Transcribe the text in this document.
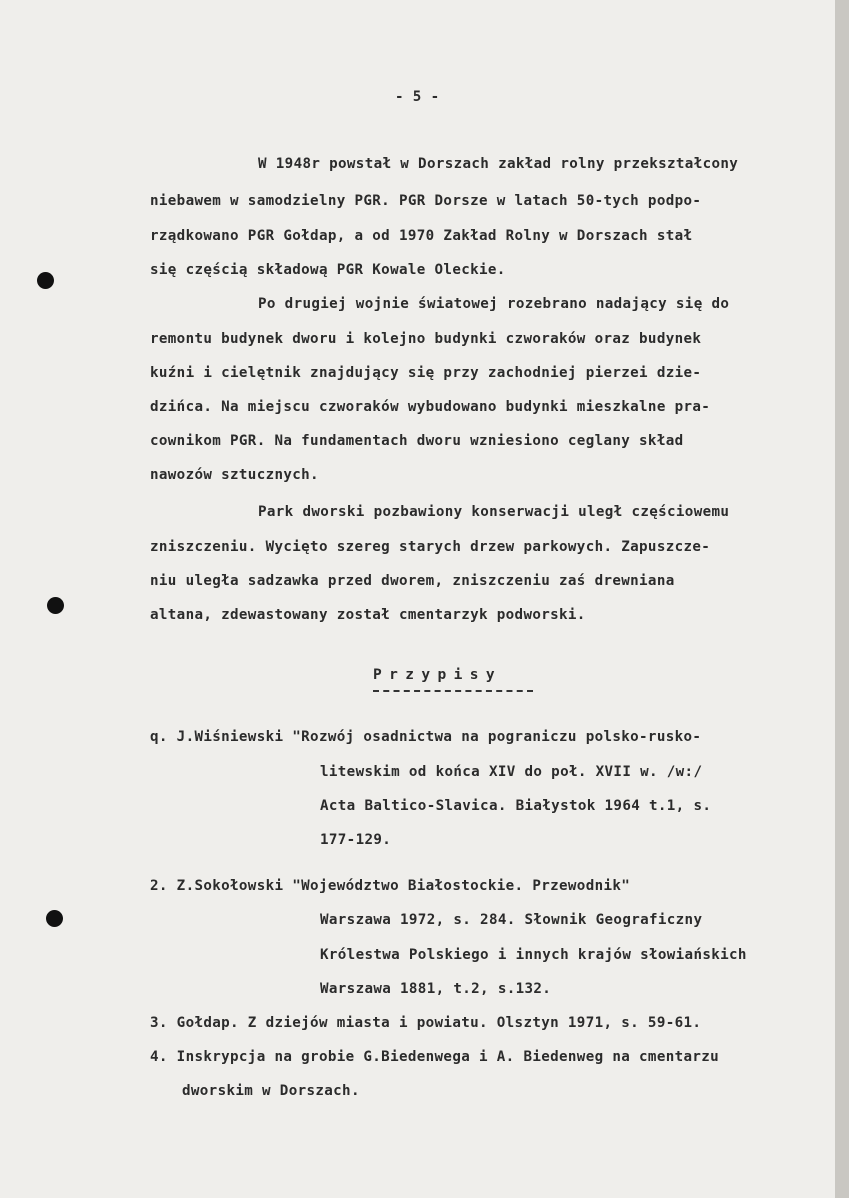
- 5 -
W 1948r powstał w Dorszach zakład rolny przekształcony
niebawem w samodzielny PGR. PGR Dorsze w latach 50-tych podpo-
rządkowano PGR Gołdap, a od 1970 Zakład Rolny w Dorszach stał
się częścią składową PGR Kowale Oleckie.
Po drugiej wojnie światowej rozebrano nadający się do
remontu budynek dworu i kolejno budynki czworaków oraz budynek
kuźni i cielętnik znajdujący się przy zachodniej pierzei dzie-
dzińca. Na miejscu czworaków wybudowano budynki mieszkalne pra-
cownikom PGR. Na fundamentach dworu wzniesiono ceglany skład
nawozów sztucznych.
Park dworski pozbawiony konserwacji uległ częściowemu
zniszczeniu. Wycięto szereg starych drzew parkowych. Zapuszcze-
niu uległa sadzawka przed dworem, zniszczeniu zaś drewniana
altana, zdewastowany został cmentarzyk podworski.
Przypisy
q. J.Wiśniewski "Rozwój osadnictwa na pograniczu polsko-rusko-
litewskim od końca XIV do poł. XVII w. /w:/
Acta Baltico-Slavica. Białystok 1964 t.1, s.
177-129.
2. Z.Sokołowski "Województwo Białostockie. Przewodnik"
Warszawa 1972, s. 284. Słownik Geograficzny
Królestwa Polskiego i innych krajów słowiańskich
Warszawa 1881, t.2, s.132.
3. Gołdap. Z dziejów miasta i powiatu. Olsztyn 1971, s. 59-61.
4. Inskrypcja na grobie G.Biedenwega i A. Biedenweg na cmentarzu
dworskim w Dorszach.
